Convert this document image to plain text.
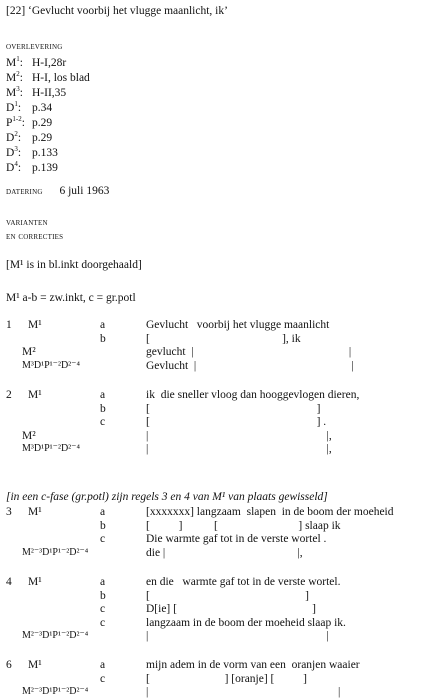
[22] ‘Gevlucht voorbij het vlugge maanlicht, ik’
overlevering
$M^1$: H-I,28r
$M^2$: H-I, los blad
$M^3$: H-II,35
$D^1$: p.34
$P^{1-2}$: p.29
$D^2$: p.29
$D^3$: p.133
$D^4$: p.139
datering 6 juli 1963
varianten
en correcties
[M¹ is in bl.inkt doorgehaald]
M¹ a-b = zw.inkt, c = gr.potl
[in een c-fase (gr.potl) zijn regels 3 en 4 van M¹ van plaats gewisseld]
1 M¹	a	Gevlucht   voorbij het vlugge maanlicht
b	[                                              ], ik
M²	gevlucht  |                                                      |
M³D¹P¹⁻²D²⁻⁴	Gevlucht  |                                                      |
2 M¹	a	ik  die sneller vloog dan hooggevlogen dieren,
b	[                                                          ]
c	[                                                          ] .
M²	|                                                              |,
M³D¹P¹⁻²D²⁻⁴	|                                                              |,
3 M¹	a	[xxxxxxx] langzaam  slapen  in de boom der moeheid
b	[          ]           [                            ] slaap ik
c	Die warmte gaf tot in de verste wortel .
M²⁻³D¹P¹⁻²D²⁻⁴	die |                                              |,
4 M¹	a	en die   warmte gaf tot in de verste wortel.
b	[                                                      ]
c	D[ie] [                                               ]
c	langzaam in de boom der moeheid slaap ik.
M²⁻³D¹P¹⁻²D²⁻⁴	|                                                              |
6 M¹	a	mijn adem in de vorm van een  oranjen waaier
c	[                          ] [oranje] [          ]
M²⁻³D¹P¹⁻²D²⁻⁴	|                                                                  |
